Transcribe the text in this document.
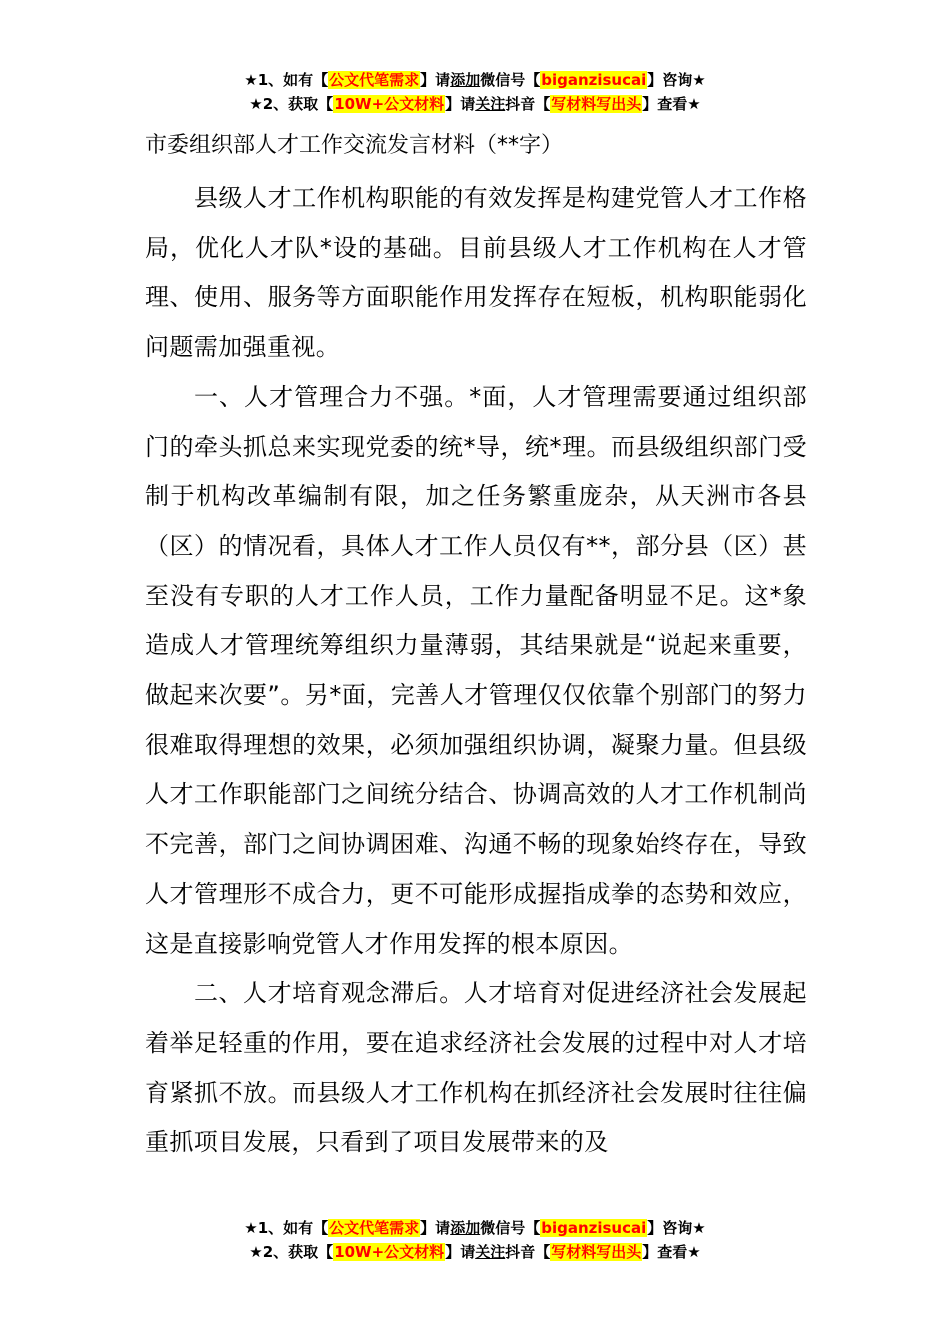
★1、如有【公文代笔需求】请添加微信号【biganzisucai】咨询★
★2、获取【10W+公文材料】请关注抖音【写材料写出头】查看★
市委组织部人才工作交流发言材料（**字）

县级人才工作机构职能的有效发挥是构建党管人才工作格局，优化人才队*设的基础。目前县级人才工作机构在人才管理、使用、服务等方面职能作用发挥存在短板，机构职能弱化问题需加强重视。

一、人才管理合力不强。*面，人才管理需要通过组织部门的牵头抓总来实现党委的统*导，统*理。而县级组织部门受制于机构改革编制有限，加之任务繁重庞杂，从天洲市各县（区）的情况看，具体人才工作人员仅有**，部分县（区）甚至没有专职的人才工作人员，工作力量配备明显不足。这*象造成人才管理统筹组织力量薄弱，其结果就是“说起来重要，做起来次要”。另*面，完善人才管理仅仅依靠个别部门的努力很难取得理想的效果，必须加强组织协调，凝聚力量。但县级人才工作职能部门之间统分结合、协调高效的人才工作机制尚不完善，部门之间协调困难、沟通不畅的现象始终存在，导致人才管理形不成合力，更不可能形成握指成拳的态势和效应，这是直接影响党管人才作用发挥的根本原因。

二、人才培育观念滞后。人才培育对促进经济社会发展起着举足轻重的作用，要在追求经济社会发展的过程中对人才培育紧抓不放。而县级人才工作机构在抓经济社会发展时往往偏重抓项目发展，只看到了项目发展带来的及

★1、如有【公文代笔需求】请添加微信号【biganzisucai】咨询★
★2、获取【10W+公文材料】请关注抖音【写材料写出头】查看★
